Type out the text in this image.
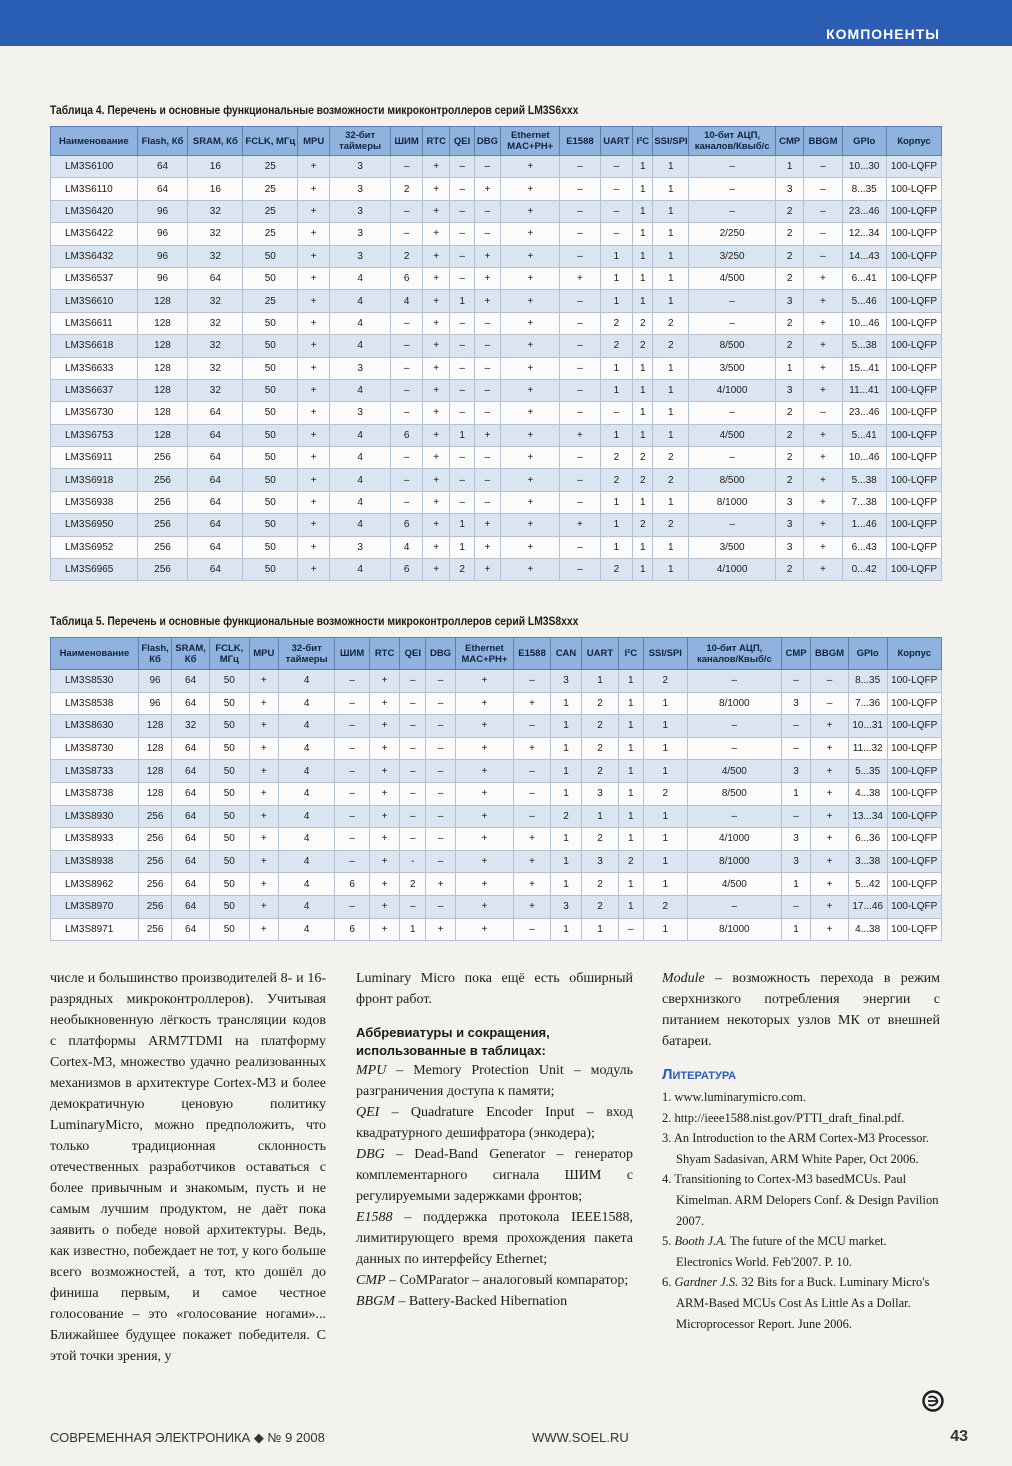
КОМПОНЕНТЫ
Таблица 4. Перечень и основные функциональные возможности микроконтроллеров серий LM3S6xxx
Наименование	Flash, Кб	SRAM, Кб	FCLK, МГц	MPU	32-бит таймеры	ШИМ	RTC	QEI	DBG	Ethernet MAC+PH+	E1588	UART	I²C	SSI/SPI	10-бит АЦП, каналов/Квыб/с	CMP	BBGM	GPIo	Корпус
LM3S6100	64	16	25	+	3	–	+	–	–	+	–	–	1	1	–	1	–	10...30	100-LQFP
LM3S6110	64	16	25	+	3	2	+	–	+	+	–	–	1	1	–	3	–	8...35	100-LQFP
LM3S6420	96	32	25	+	3	–	+	–	–	+	–	–	1	1	–	2	–	23...46	100-LQFP
LM3S6422	96	32	25	+	3	–	+	–	–	+	–	–	1	1	2/250	2	–	12...34	100-LQFP
LM3S6432	96	32	50	+	3	2	+	–	+	+	–	1	1	1	3/250	2	–	14...43	100-LQFP
LM3S6537	96	64	50	+	4	6	+	–	+	+	+	1	1	1	4/500	2	+	6...41	100-LQFP
LM3S6610	128	32	25	+	4	4	+	1	+	+	–	1	1	1	–	3	+	5...46	100-LQFP
LM3S6611	128	32	50	+	4	–	+	–	–	+	–	2	2	2	–	2	+	10...46	100-LQFP
LM3S6618	128	32	50	+	4	–	+	–	–	+	–	2	2	2	8/500	2	+	5...38	100-LQFP
LM3S6633	128	32	50	+	3	–	+	–	–	+	–	1	1	1	3/500	1	+	15...41	100-LQFP
LM3S6637	128	32	50	+	4	–	+	–	–	+	–	1	1	1	4/1000	3	+	11...41	100-LQFP
LM3S6730	128	64	50	+	3	–	+	–	–	+	–	–	1	1	–	2	–	23...46	100-LQFP
LM3S6753	128	64	50	+	4	6	+	1	+	+	+	1	1	1	4/500	2	+	5...41	100-LQFP
LM3S6911	256	64	50	+	4	–	+	–	–	+	–	2	2	2	–	2	+	10...46	100-LQFP
LM3S6918	256	64	50	+	4	–	+	–	–	+	–	2	2	2	8/500	2	+	5...38	100-LQFP
LM3S6938	256	64	50	+	4	–	+	–	–	+	–	1	1	1	8/1000	3	+	7...38	100-LQFP
LM3S6950	256	64	50	+	4	6	+	1	+	+	+	1	2	2	–	3	+	1...46	100-LQFP
LM3S6952	256	64	50	+	3	4	+	1	+	+	–	1	1	1	3/500	3	+	6...43	100-LQFP
LM3S6965	256	64	50	+	4	6	+	2	+	+	–	2	1	1	4/1000	2	+	0...42	100-LQFP
Таблица 5. Перечень и основные функциональные возможности микроконтроллеров серий LM3S8xxx
Наименование	Flash, Кб	SRAM, Кб	FCLK, МГц	MPU	32-бит таймеры	ШИМ	RTC	QEI	DBG	Ethernet MAC+PH+	E1588	CAN	UART	I²C	SSI/SPI	10-бит АЦП, каналов/Квыб/с	CMP	BBGM	GPIo	Корпус
LM3S8530	96	64	50	+	4	–	+	–	–	+	–	3	1	1	2	–	–	–	8...35	100-LQFP
LM3S8538	96	64	50	+	4	–	+	–	–	+	+	1	2	1	1	8/1000	3	–	7...36	100-LQFP
LM3S8630	128	32	50	+	4	–	+	–	–	+	–	1	2	1	1	–	–	+	10...31	100-LQFP
LM3S8730	128	64	50	+	4	–	+	–	–	+	+	1	2	1	1	–	–	+	11...32	100-LQFP
LM3S8733	128	64	50	+	4	–	+	–	–	+	–	1	2	1	1	4/500	3	+	5...35	100-LQFP
LM3S8738	128	64	50	+	4	–	+	–	–	+	–	1	3	1	2	8/500	1	+	4...38	100-LQFP
LM3S8930	256	64	50	+	4	–	+	–	–	+	–	2	1	1	1	–	–	+	13...34	100-LQFP
LM3S8933	256	64	50	+	4	–	+	–	–	+	+	1	2	1	1	4/1000	3	+	6...36	100-LQFP
LM3S8938	256	64	50	+	4	–	+	-	–	+	+	1	3	2	1	8/1000	3	+	3...38	100-LQFP
LM3S8962	256	64	50	+	4	6	+	2	+	+	+	1	2	1	1	4/500	1	+	5...42	100-LQFP
LM3S8970	256	64	50	+	4	–	+	–	–	+	+	3	2	1	2	–	–	+	17...46	100-LQFP
LM3S8971	256	64	50	+	4	6	+	1	+	+	–	1	1	–	1	8/1000	1	+	4...38	100-LQFP

числе и большинство производителей 8- и 16-разрядных микроконтроллеров). Учитывая необыкновенную лёгкость трансляции кодов с платформы ARM7TDMI на платформу Cortex-M3, множество удачно реализованных механизмов в архитектуре Cortex-M3 и более демократичную ценовую политику LuminaryMicro, можно предположить, что только традиционная склонность отечественных разработчиков оставаться с более привычным и знакомым, пусть и не самым лучшим продуктом, не даёт пока заявить о победе новой архитектуры. Ведь, как известно, побеждает не тот, у кого больше всего возможностей, а тот, кто дошёл до финиша первым, и самое честное голосование – это «голосование ногами»... Ближайшее будущее покажет победителя. С этой точки зрения, у

Luminary Micro пока ещё есть обширный фронт работ.

Аббревиатуры и сокращения, использованные в таблицах:

MPU – Memory Protection Unit – модуль разграничения доступа к памяти;

QEI – Quadrature Encoder Input – вход квадратурного дешифратора (энкодера);

DBG – Dead-Band Generator – генератор комплементарного сигнала ШИМ с регулируемыми задержками фронтов;

E1588 – поддержка протокола IEEE1588, лимитирующего время прохождения пакета данных по интерфейсу Ethernet;

CMP – CoMParator – аналоговый компаратор;

BBGM – Battery-Backed Hibernation

Module – возможность перехода в режим сверхнизкого потребления энергии с питанием некоторых узлов МК от внешней батареи.

Литература
1. www.luminarymicro.com.
2. http://ieee1588.nist.gov/PTTI_draft_final.pdf.
3. An Introduction to the ARM Cortex-M3 Processor. Shyam Sadasivan, ARM White Paper, Oct 2006.
4. Transitioning to Cortex-M3 basedMCUs. Paul Kimelman. ARM Delopers Conf. & Design Pavilion 2007.
5. Booth J.A. The future of the MCU market. Electronics World. Feb'2007. P. 10.
6. Gardner J.S. 32 Bits for a Buck. Luminary Micro's ARM-Based MCUs Cost As Little As a Dollar. Microprocessor Report. June 2006.
СОВРЕМЕННАЯ ЭЛЕКТРОНИКА ◆ № 9 2008	WWW.SOEL.RU	43
